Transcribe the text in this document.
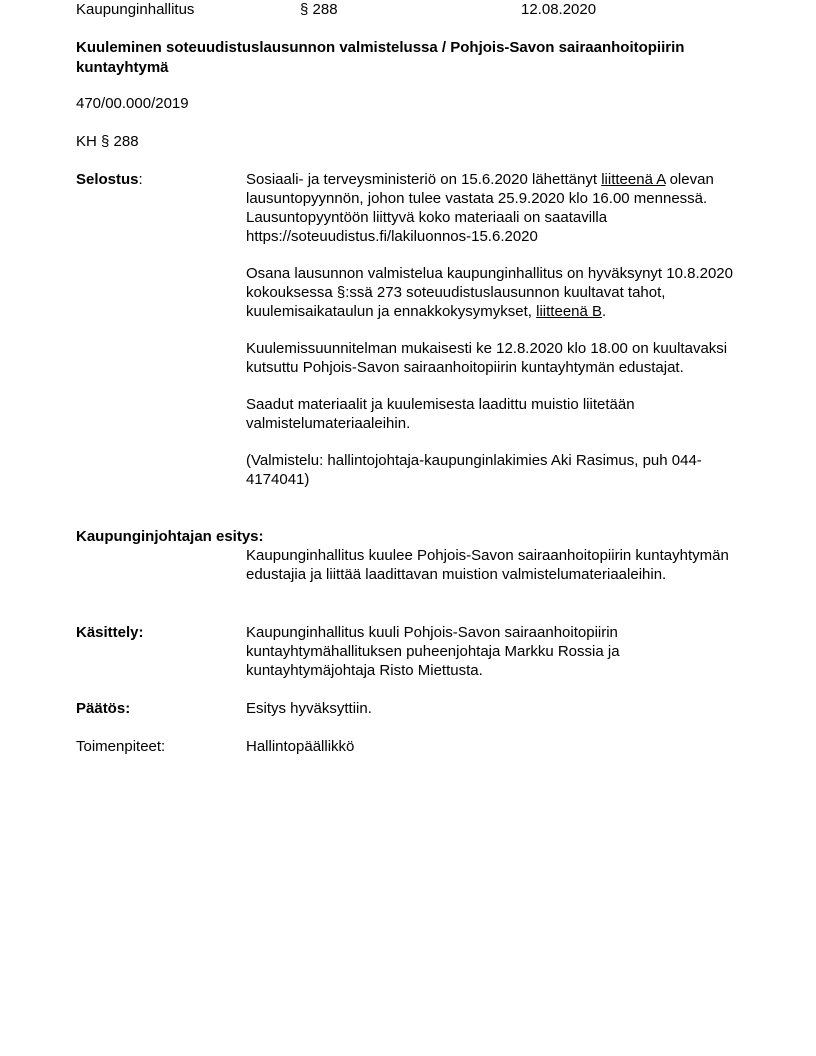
Kaupunginhallitus	§ 288	12.08.2020
Kuuleminen soteuudistuslausunnon valmistelussa / Pohjois-Savon sairaanhoitopiirin kuntayhtymä
470/00.000/2019
KH § 288
Selostus:	Sosiaali- ja terveysministeriö on 15.6.2020 lähettänyt liitteenä A olevan lausuntopyynnön, johon tulee vastata 25.9.2020 klo 16.00 mennessä. Lausuntopyyntöön liittyvä koko materiaali on saatavilla https://soteuudistus.fi/lakiluonnos-15.6.2020

Osana lausunnon valmistelua kaupunginhallitus on hyväksynyt 10.8.2020 kokouksessa §:ssä 273 soteuudistuslausunnon kuultavat tahot, kuulemisaikataulun ja ennakkokysymykset, liitteenä B.

Kuulemissuunnitelman mukaisesti ke 12.8.2020 klo 18.00 on kuultavaksi kutsuttu Pohjois-Savon sairaanhoitopiirin kuntayhtymän edustajat.

Saadut materiaalit ja kuulemisesta laadittu muistio liitetään valmistelumateriaaleihin.

(Valmistelu: hallintojohtaja-kaupunginlakimies Aki Rasimus, puh 044-4174041)

Kaupunginjohtajan esitys:

Kaupunginhallitus kuulee Pohjois-Savon sairaanhoitopiirin kuntayhtymän edustajia ja liittää laadittavan muistion valmistelumateriaaleihin.

Käsittely:	Kaupunginhallitus kuuli Pohjois-Savon sairaanhoitopiirin kuntayhtymähallituksen puheenjohtaja Markku Rossia ja kuntayhtymäjohtaja Risto Miettusta.

Päätös:	Esitys hyväksyttiin.

Toimenpiteet:	Hallintopäällikkö
